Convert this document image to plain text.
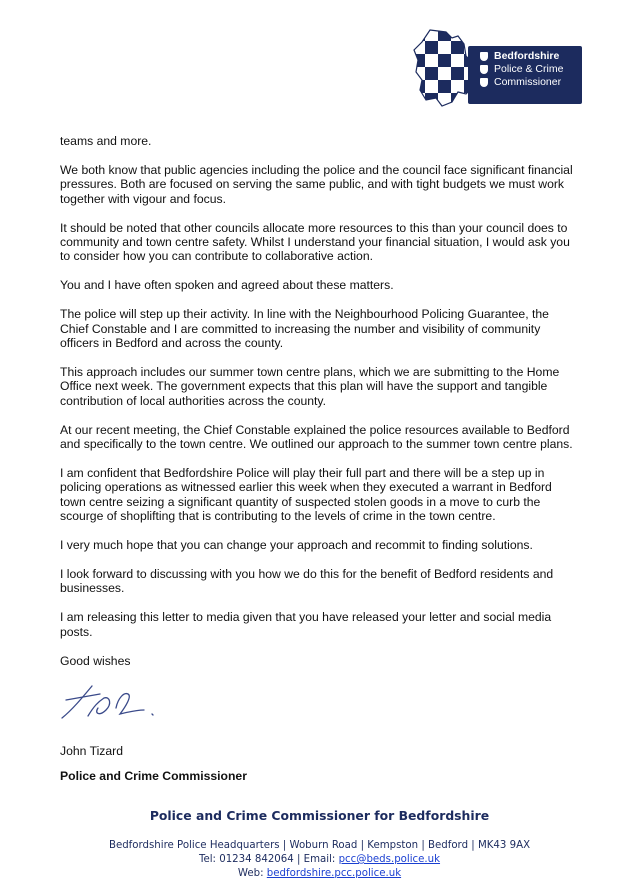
Bedfordshire
Police & Crime
Commissioner

teams and more.

We both know that public agencies including the police and the council face significant financial pressures. Both are focused on serving the same public, and with tight budgets we must work together with vigour and focus.

It should be noted that other councils allocate more resources to this than your council does to community and town centre safety. Whilst I understand your financial situation, I would ask you to consider how you can contribute to collaborative action.

You and I have often spoken and agreed about these matters.

The police will step up their activity. In line with the Neighbourhood Policing Guarantee, the Chief Constable and I are committed to increasing the number and visibility of community officers in Bedford and across the county.

This approach includes our summer town centre plans, which we are submitting to the Home Office next week. The government expects that this plan will have the support and tangible contribution of local authorities across the county.

At our recent meeting, the Chief Constable explained the police resources available to Bedford and specifically to the town centre. We outlined our approach to the summer town centre plans.

I am confident that Bedfordshire Police will play their full part and there will be a step up in policing operations as witnessed earlier this week when they executed a warrant in Bedford town centre seizing a significant quantity of suspected stolen goods in a move to curb the scourge of shoplifting that is contributing to the levels of crime in the town centre.

I very much hope that you can change your approach and recommit to finding solutions.

I look forward to discussing with you how we do this for the benefit of Bedford residents and businesses.

I am releasing this letter to media given that you have released your letter and social media posts.

Good wishes

John Tizard
Police and Crime Commissioner
Police and Crime Commissioner for Bedfordshire
Bedfordshire Police Headquarters | Woburn Road | Kempston | Bedford | MK43 9AX
Tel: 01234 842064 | Email: pcc@beds.police.uk
Web: bedfordshire.pcc.police.uk
